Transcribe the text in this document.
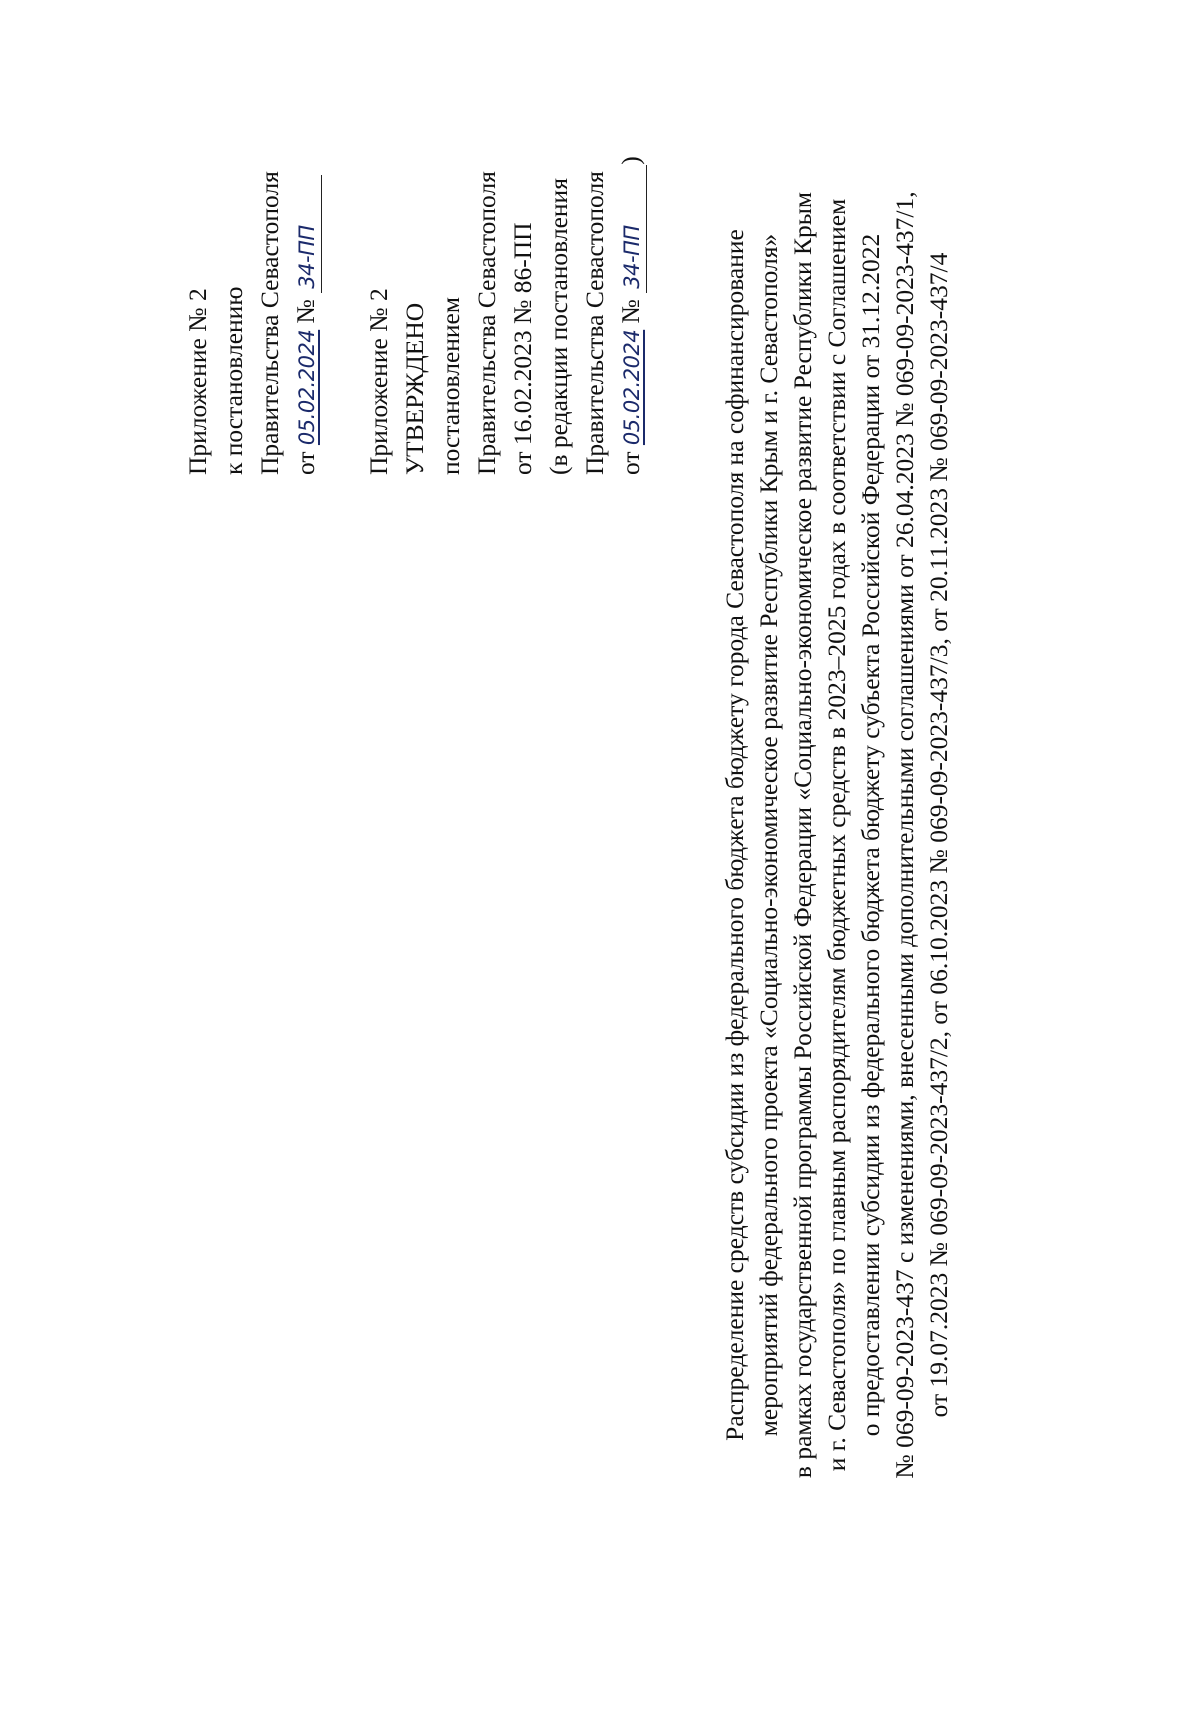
Приложение № 2 к постановлению Правительства Севастополя от 05.02.2024 № 34-ПП
Приложение № 2 УТВЕРЖДЕНО постановлением Правительства Севастополя от 16.02.2023 № 86-ПП (в редакции постановления Правительства Севастополя от 05.02.2024 № 34-ПП)
Распределение средств субсидии из федерального бюджета бюджету города Севастополя на софинансирование мероприятий федерального проекта «Социально-экономическое развитие Республики Крым и г. Севастополя» в рамках государственной программы Российской Федерации «Социально-экономическое развитие Республики Крым и г. Севастополя» по главным распорядителям бюджетных средств в 2023–2025 годах в соответствии с Соглашением о предоставлении субсидии из федерального бюджета бюджету субъекта Российской Федерации от 31.12.2022 № 069-09-2023-437 с изменениями, внесенными дополнительными соглашениями от 26.04.2023 № 069-09-2023-437/1, от 19.07.2023 № 069-09-2023-437/2, от 06.10.2023 № 069-09-2023-437/3, от 20.11.2023 № 069-09-2023-437/4
